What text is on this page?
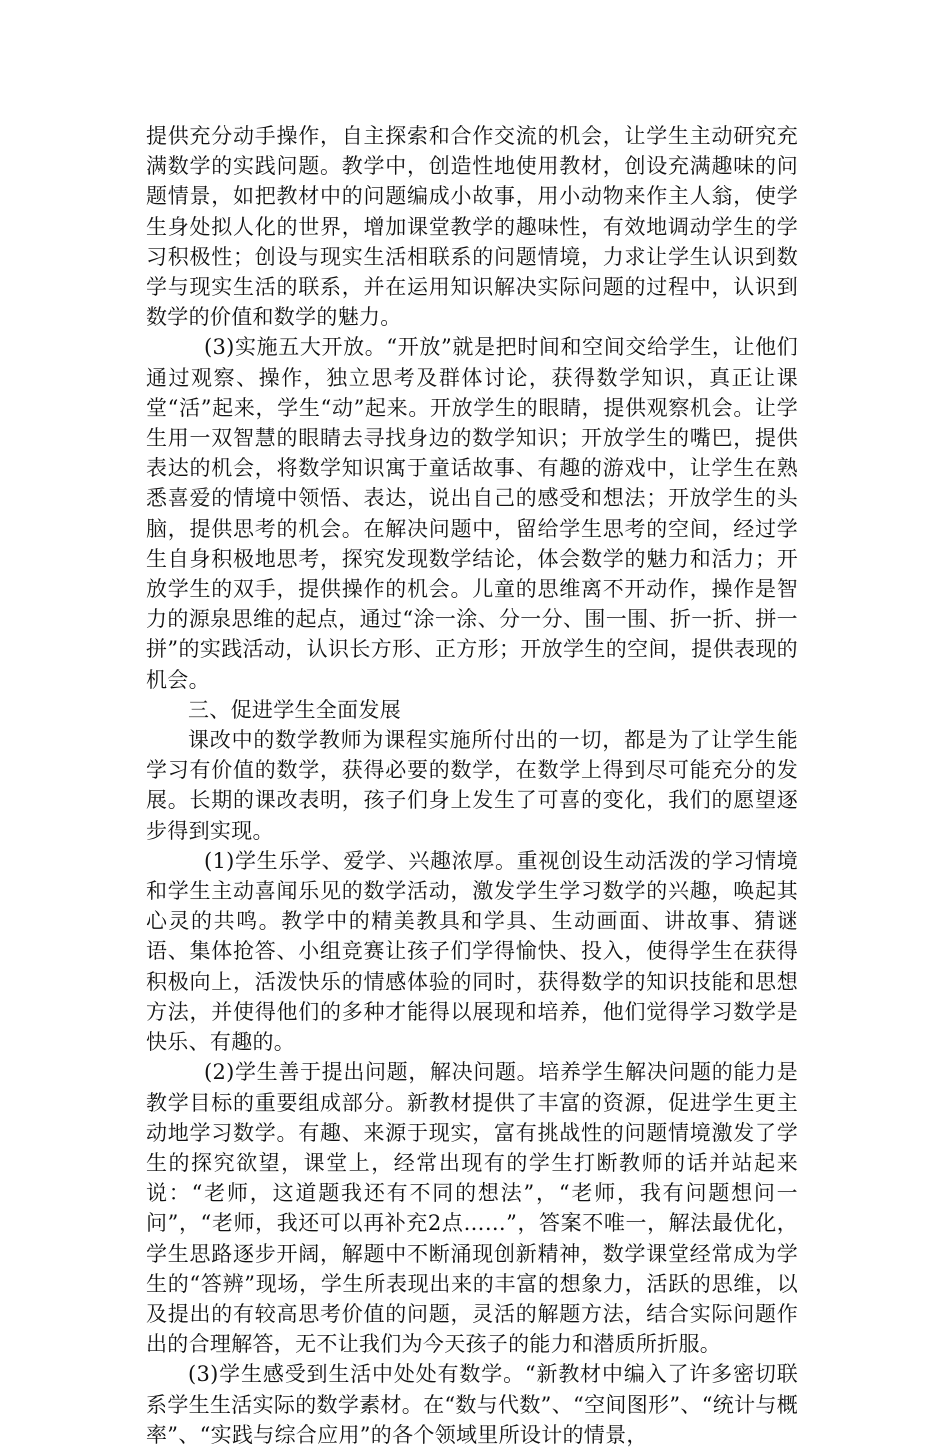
提供充分动手操作，自主探索和合作交流的机会，让学生主动研究充满数学的实践问题。教学中，创造性地使用教材，创设充满趣味的问题情景，如把教材中的问题编成小故事，用小动物来作主人翁，使学生身处拟人化的世界，增加课堂教学的趣味性，有效地调动学生的学习积极性；创设与现实生活相联系的问题情境，力求让学生认识到数学与现实生活的联系，并在运用知识解决实际问题的过程中，认识到数学的价值和数学的魅力。

(3)实施五大开放。“开放”就是把时间和空间交给学生，让他们通过观察、操作，独立思考及群体讨论，获得数学知识，真正让课堂“活”起来，学生“动”起来。开放学生的眼睛，提供观察机会。让学生用一双智慧的眼睛去寻找身边的数学知识；开放学生的嘴巴，提供表达的机会，将数学知识寓于童话故事、有趣的游戏中，让学生在熟悉喜爱的情境中领悟、表达，说出自己的感受和想法；开放学生的头脑，提供思考的机会。在解决问题中，留给学生思考的空间，经过学生自身积极地思考，探究发现数学结论，体会数学的魅力和活力；开放学生的双手，提供操作的机会。儿童的思维离不开动作，操作是智力的源泉思维的起点，通过“涂一涂、分一分、围一围、折一折、拼一拼”的实践活动，认识长方形、正方形；开放学生的空间，提供表现的机会。

三、促进学生全面发展

课改中的数学教师为课程实施所付出的一切，都是为了让学生能学习有价值的数学，获得必要的数学，在数学上得到尽可能充分的发展。长期的课改表明，孩子们身上发生了可喜的变化，我们的愿望逐步得到实现。

(1)学生乐学、爱学、兴趣浓厚。重视创设生动活泼的学习情境和学生主动喜闻乐见的数学活动，激发学生学习数学的兴趣，唤起其心灵的共鸣。教学中的精美教具和学具、生动画面、讲故事、猜谜语、集体抢答、小组竞赛让孩子们学得愉快、投入，使得学生在获得积极向上，活泼快乐的情感体验的同时，获得数学的知识技能和思想方法，并使得他们的多种才能得以展现和培养，他们觉得学习数学是快乐、有趣的。

(2)学生善于提出问题，解决问题。培养学生解决问题的能力是教学目标的重要组成部分。新教材提供了丰富的资源，促进学生更主动地学习数学。有趣、来源于现实，富有挑战性的问题情境激发了学生的探究欲望，课堂上，经常出现有的学生打断教师的话并站起来说：“老师，这道题我还有不同的想法”，“老师，我有问题想问一问”，“老师，我还可以再补充2点……”，答案不唯一，解法最优化，学生思路逐步开阔，解题中不断涌现创新精神，数学课堂经常成为学生的“答辨”现场，学生所表现出来的丰富的想象力，活跃的思维，以及提出的有较高思考价值的问题，灵活的解题方法，结合实际问题作出的合理解答，无不让我们为今天孩子的能力和潜质所折服。

(3)学生感受到生活中处处有数学。“新教材中编入了许多密切联系学生生活实际的数学素材。在“数与代数”、“空间图形”、“统计与概率”、“实践与综合应用”的各个领域里所设计的情景，
